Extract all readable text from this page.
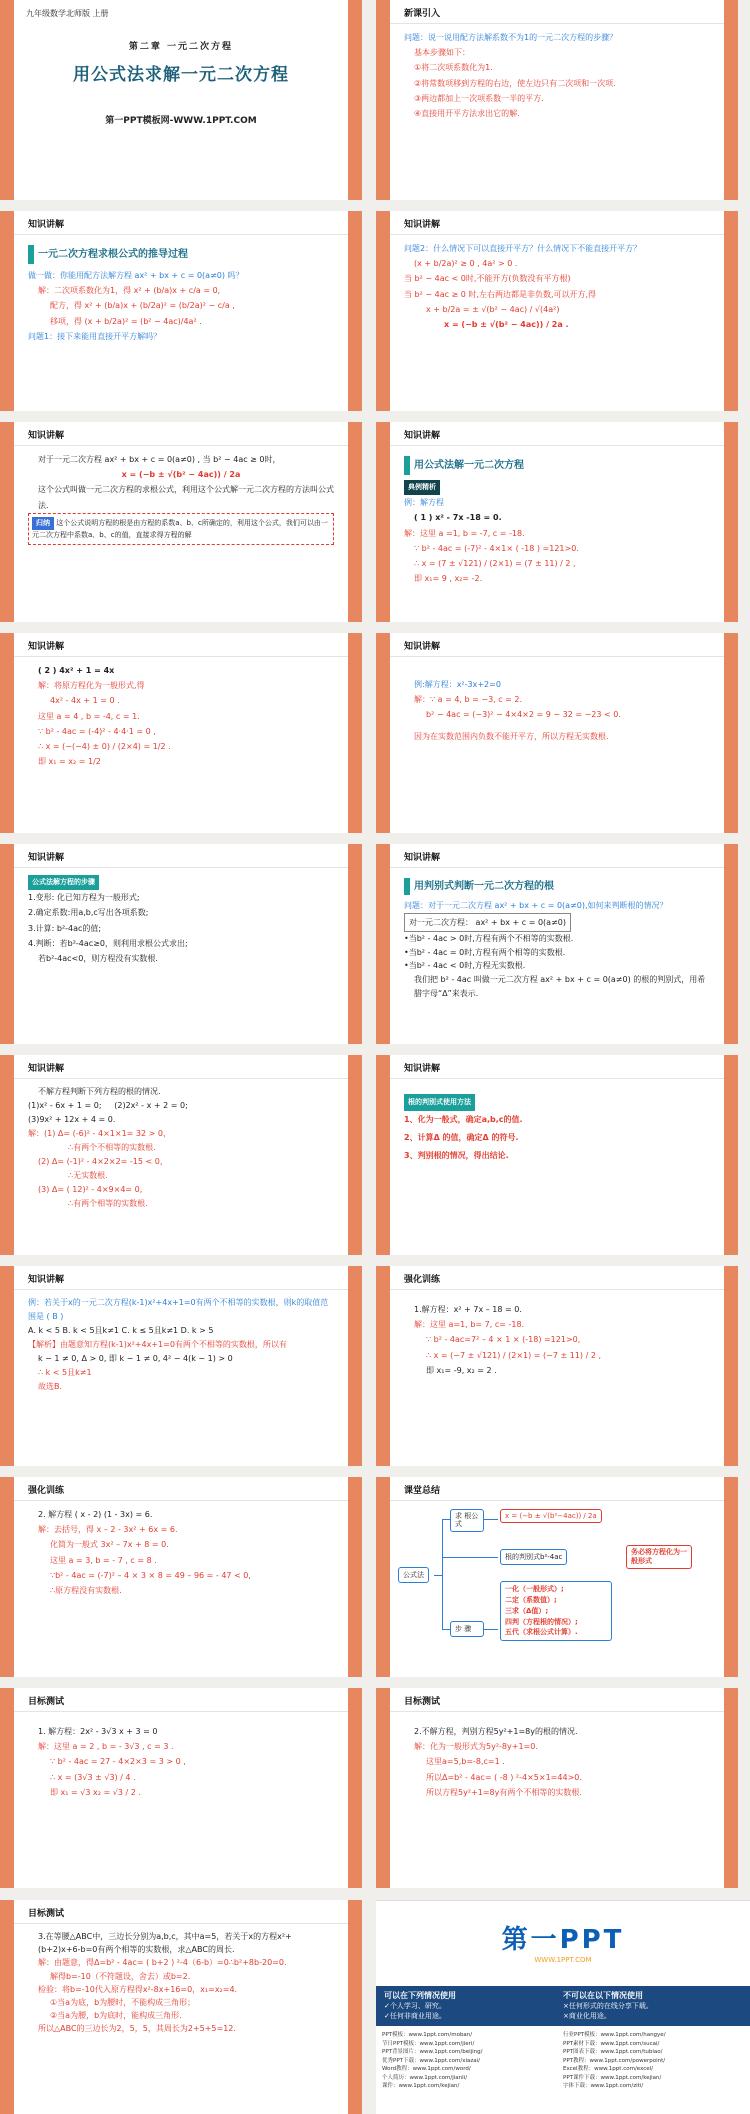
九年级数学北师版 上册
第二章 一元二次方程
用公式法求解一元二次方程
第一PPT模板网-WWW.1PPT.COM
新课引入
问题：说一说用配方法解系数不为1的一元二次方程的步骤？
基本步骤如下：
①将二次项系数化为1.
②将常数项移到方程的右边，使左边只有二次项和一次项.
③两边都加上一次项系数一半的平方.
④直接用开平方法求出它的解.
知识讲解
一元二次方程求根公式的推导过程
做一做：你能用配方法解方程 ax² + bx + c = 0(a≠0) 吗？
解：二次项系数化为1，得 x² + (b/a)x + c/a = 0,
配方，得 x² + (b/a)x + (b/2a)² = (b/2a)² − c/a ,
移项，得 (x + b/2a)² = (b² − 4ac)/4a² .
问题1：接下来能用直接开平方解吗？
知识讲解
问题2：什么情况下可以直接开平方？什么情况下不能直接开平方？
(x + b/2a)² ≥ 0 , 4a² > 0 .
当 b² − 4ac < 0时,不能开方(负数没有平方根)
当 b² − 4ac ≥ 0 时,左右两边都是非负数,可以开方,得
x + b/2a = ± √(b² − 4ac) / √(4a²)
x = (−b ± √(b² − 4ac)) / 2a .
知识讲解
对于一元二次方程 ax² + bx + c = 0(a≠0) , 当 b² − 4ac ≥ 0时，
x = (−b ± √(b² − 4ac)) / 2a
这个公式叫做一元二次方程的求根公式，利用这个公式解一元二次方程的方法叫公式法.
归纳 这个公式说明方程的根是由方程的系数a、b、c所确定的，利用这个公式，我们可以由一元二次方程中系数a、b、c的值，直接求得方程的解
知识讲解
用公式法解一元二次方程
典例精析
例：解方程
( 1 ) x² - 7x -18 = 0.
解：这里 a =1, b = -7, c = -18.
∵ b² - 4ac = (-7)² - 4×1× ( -18 ) =121>0.
∴ x = (7 ± √121) / (2×1) = (7 ± 11) / 2 ,
即 x₁= 9 , x₂= -2.
知识讲解
( 2 ) 4x² + 1 = 4x
解：将原方程化为一般形式,得
4x² - 4x + 1 = 0 .
这里 a = 4 , b = -4, c = 1.
∵ b² - 4ac = (-4)² - 4·4·1 = 0 ,
∴ x = (−(−4) ± 0) / (2×4) = 1/2 .
即 x₁ = x₂ = 1/2
知识讲解
例:解方程：x²-3x+2=0
解：∵ a = 4, b = −3, c = 2.
b² − 4ac = (−3)² − 4×4×2 = 9 − 32 = −23 < 0.
因为在实数范围内负数不能开平方，所以方程无实数根.
知识讲解
公式法解方程的步骤
1.变形: 化已知方程为一般形式;
2.确定系数:用a,b,c写出各项系数;
3.计算: b²-4ac的值;
4.判断：若b²-4ac≥0，则利用求根公式求出;
若b²-4ac<0，则方程没有实数根.
知识讲解
用判别式判断一元二次方程的根
问题：对于一元二次方程 ax² + bx + c = 0(a≠0),如何来判断根的情况？
对一元二次方程： ax² + bx + c = 0(a≠0)
•当b² - 4ac > 0时,方程有两个不相等的实数根.
•当b² - 4ac = 0时,方程有两个相等的实数根.
•当b² - 4ac < 0时,方程无实数根.
我们把 b² - 4ac 叫做一元二次方程 ax² + bx + c = 0(a≠0) 的根的判别式，用希腊字母“Δ”来表示.
知识讲解
不解方程判断下列方程的根的情况.
(1)x² - 6x + 1 = 0; (2)2x² - x + 2 = 0;
(3)9x² + 12x + 4 = 0.
解：(1) Δ= (-6)² - 4×1×1= 32 > 0，
∴有两个不相等的实数根.
(2) Δ= (-1)² - 4×2×2= -15 < 0，
∴无实数根.
(3) Δ= ( 12)² - 4×9×4= 0,
∴有两个相等的实数根.
知识讲解
根的判别式使用方法
1、化为一般式，确定a,b,c的值.
2、计算Δ 的值，确定Δ 的符号.
3、判别根的情况，得出结论.
知识讲解
例：若关于x的一元二次方程(k-1)x²+4x+1=0有两个不相等的实数根，则k的取值范围是 ( B )
A. k < 5 B. k < 5且k≠1 C. k ≤ 5且k≠1 D. k > 5
【解析】由题意知方程(k-1)x²+4x+1=0有两个不相等的实数根，所以有
k − 1 ≠ 0, Δ > 0, 即 k − 1 ≠ 0, 4² − 4(k − 1) > 0
∴ k < 5且k≠1
故选B.
强化训练
1.解方程：x² + 7x – 18 = 0.
解：这里 a=1, b= 7, c= -18.
∵ b² - 4ac=7² – 4 × 1 × (-18) =121>0,
∴ x = (−7 ± √121) / (2×1) = (−7 ± 11) / 2 ,
即 x₁= -9, x₂ = 2 .
强化训练
2. 解方程 ( x - 2) (1 - 3x) = 6.
解：去括号，得 x – 2 - 3x² + 6x = 6.
化简为一般式 3x² – 7x + 8 = 0.
这里 a = 3, b = - 7 , c = 8 .
∵b² - 4ac = (-7)² – 4 × 3 × 8 = 49 – 96 = - 47 < 0,
∴原方程没有实数根.
课堂总结
公式法
求 根公 式
x = (−b ± √(b²−4ac)) / 2a
根的判别式b²-4ac
务必将方程化为一般形式
步 骤
一化（一般形式）;
二定（系数值）;
三求（Δ值）;
四判（方程根的情况）;
五代（求根公式计算）.
目标测试
1. 解方程：2x² - 3√3 x + 3 = 0
解：这里 a = 2 , b = - 3√3 , c = 3 .
∵ b² - 4ac = 27 - 4×2×3 = 3 > 0 ,
∴ x = (3√3 ± √3) / 4 .
即 x₁ = √3 x₂ = √3 / 2 .
目标测试
2.不解方程，判别方程5y²+1=8y的根的情况.
解：化为一般形式为5y²-8y+1=0.
这里a=5,b=-8,c=1 .
所以Δ=b² - 4ac= ( -8 ) ²-4×5×1=44>0.
所以方程5y²+1=8y有两个不相等的实数根.
目标测试
3.在等腰△ABC中，三边长分别为a,b,c，其中a=5，若关于x的方程x²+(b+2)x+6-b=0有两个相等的实数根，求△ABC的周长.
解：由题意，得Δ=b² - 4ac= ( b+2 ) ²-4（6-b）=0∴b²+8b-20=0.
解得b=-10（不符题设，舍去）或b=2.
检验：将b=-10代入原方程得x²-8x+16=0，x₁=x₂=4.
①当a为底，b为腰时，不能构成三角形；
②当a为腰，b为底时，能构成三角形.
所以△ABC的三边长为2，5，5，其周长为2+5+5=12.
第一PPT
WWW.1PPT.COM
可以在下列情况使用
✓个人学习、研究。
✓任何非商业用途。
不可以在以下情况使用
×任何形式的在线分享下载。
×商业化用途。
PPT模板：www.1ppt.com/moban/
节日PPT模板：www.1ppt.com/jieri/
PPT背景图片：www.1ppt.com/beijing/
优秀PPT下载：www.1ppt.com/xiazai/
Word教程：www.1ppt.com/word/
个人简历：www.1ppt.com/jianli/
课件：www.1ppt.com/kejian/
行业PPT模板：www.1ppt.com/hangye/
PPT素材下载：www.1ppt.com/sucai/
PPT图表下载：www.1ppt.com/tubiao/
PPT教程：www.1ppt.com/powerpoint/
Excel教程：www.1ppt.com/excel/
PPT课件下载：www.1ppt.com/kejian/
字体下载：www.1ppt.com/ziti/
